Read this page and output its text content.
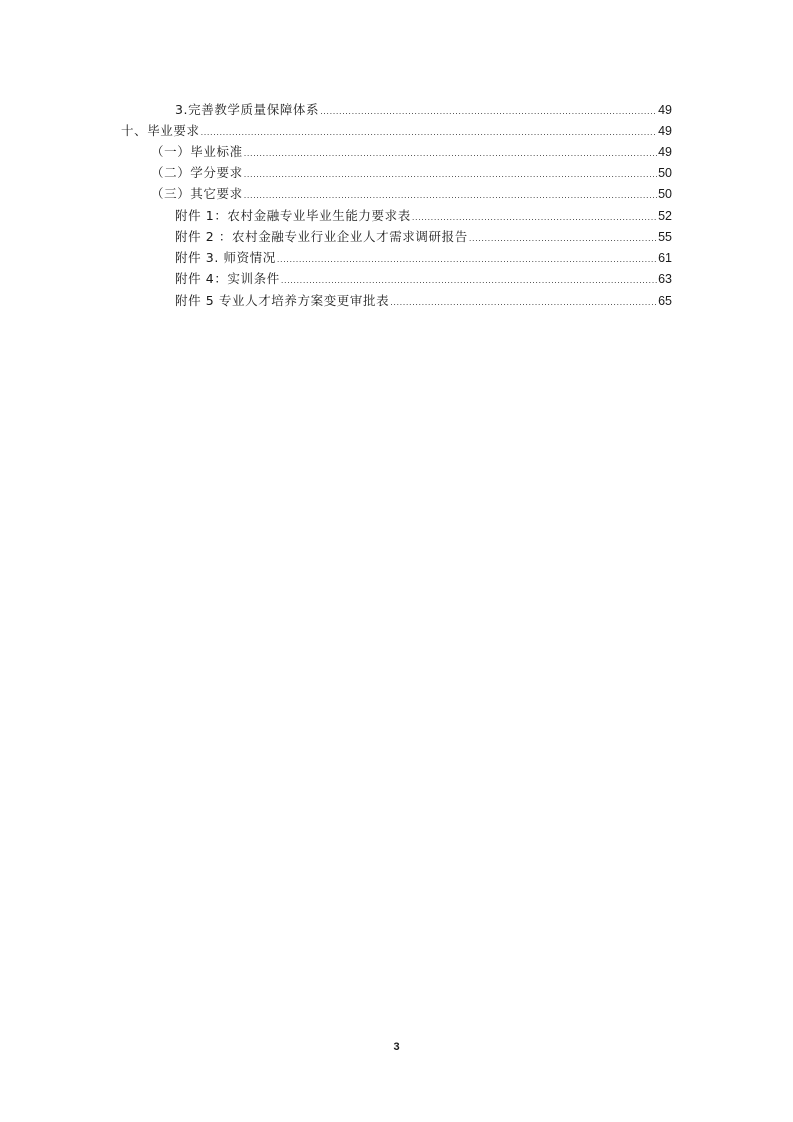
3.完善教学质量保障体系 .....	49
十、毕业要求 .....	49
（一）毕业标准 .....	49
（二）学分要求 .....	50
（三）其它要求 .....	50
附件 1：农村金融专业毕业生能力要求表 .....	52
附件 2 ：农村金融专业行业企业人才需求调研报告 .....	55
附件 3. 师资情况 .....	61
附件 4：实训条件 .....	63
附件 5 专业人才培养方案变更审批表 .....	65
3
